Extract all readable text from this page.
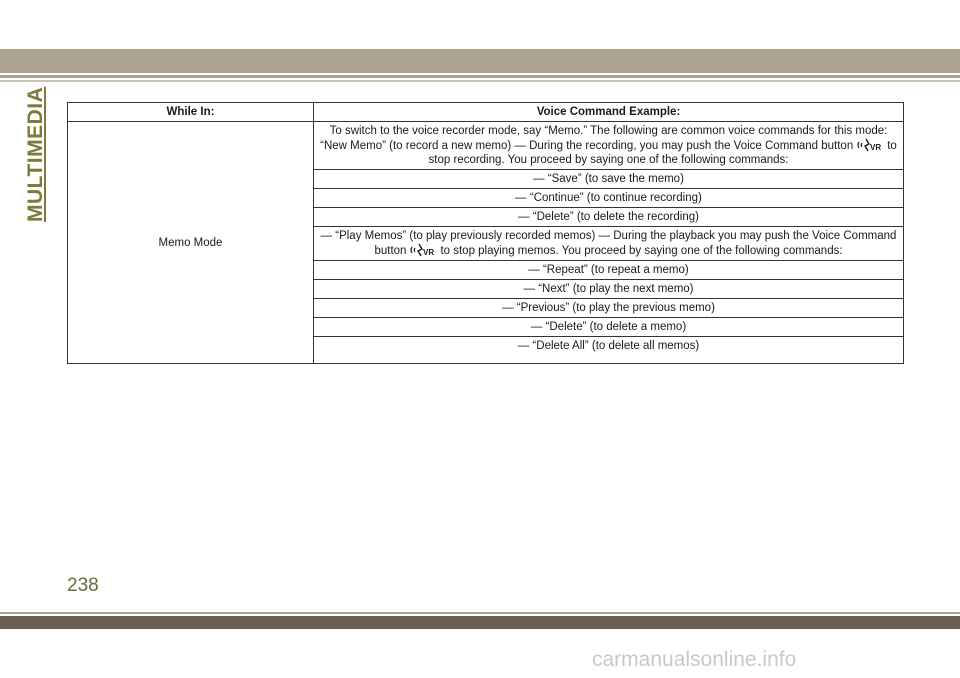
MULTIMEDIA	While In:	Voice Command Example:
Memo Mode	To switch to the voice recorder mode, say “Memo.” The following are common voice commands for this mode: “New Memo” (to record a new memo) — During the recording, you may push the Voice Command button VR to stop recording. You proceed by saying one of the following commands:
	— “Save” (to save the memo)
	— “Continue” (to continue recording)
	— “Delete” (to delete the recording)
	— “Play Memos” (to play previously recorded memos) — During the playback you may push the Voice Command button VR to stop playing memos. You proceed by saying one of the following commands:
	— “Repeat” (to repeat a memo)
	— “Next” (to play the next memo)
	— “Previous” (to play the previous memo)
	— “Delete” (to delete a memo)
	— “Delete All” (to delete all memos)
238
carmanualsonline.info
